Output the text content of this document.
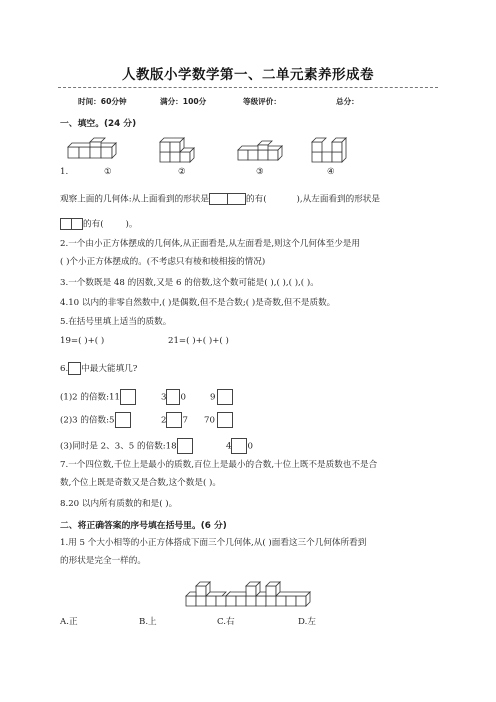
人教版小学数学第一、二单元素养形成卷
时间：60分钟	满分：100分	等级评价：	总分：
一、填空。(24 分)
1.	①	②	③	④
观察上面的几何体:从上面看到的形状是	的有(	),从左面看到的形状是
的有(	)。
2.一个由小正方体摆成的几何体,从正面看是,从左面看是,则这个几何体至少是用
( )个小正方体摆成的。(不考虑只有棱和棱相接的情况)
3.一个数既是 48 的因数,又是 6 的倍数,这个数可能是( ),( ),( ),( )。
4.10 以内的非零自然数中,( )是偶数,但不是合数;( )是奇数,但不是质数。
5.在括号里填上适当的质数。
19=( )+( )	21=( )+( )+( )
6. 中最大能填几?
(1)2 的倍数:11	3 0	9
(2)3 的倍数:5	2 7 70
(3)同时是 2、3、5 的倍数:18	4 0
7.一个四位数,千位上是最小的质数,百位上是最小的合数,十位上既不是质数也不是合
数,个位上既是奇数又是合数,这个数是( )。
8.20 以内所有质数的和是( )。
二、将正确答案的序号填在括号里。(6 分)
1.用 5 个大小相等的小正方体搭成下面三个几何体,从( )面看这三个几何体所看到
的形状是完全一样的。
A.正	B.上	C.右	D.左
